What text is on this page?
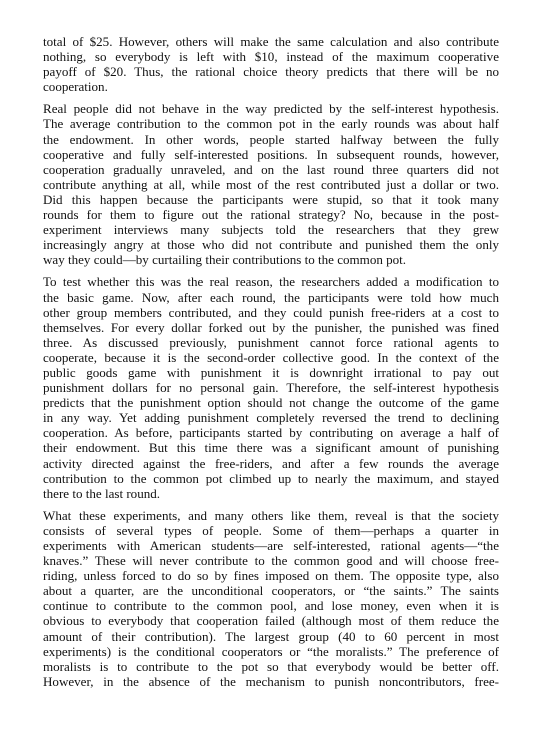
total of $25. However, others will make the same calculation and also contribute
nothing, so everybody is left with $10, instead of the maximum cooperative
payoff of $20. Thus, the rational choice theory predicts that there will be no
cooperation.
Real people did not behave in the way predicted by the self-interest hypothesis.
The average contribution to the common pot in the early rounds was about half
the endowment. In other words, people started halfway between the fully
cooperative and fully self-interested positions. In subsequent rounds, however,
cooperation gradually unraveled, and on the last round three quarters did not
contribute anything at all, while most of the rest contributed just a dollar or two.
Did this happen because the participants were stupid, so that it took many
rounds for them to figure out the rational strategy? No, because in the post-
experiment interviews many subjects told the researchers that they grew
increasingly angry at those who did not contribute and punished them the only
way they could—by curtailing their contributions to the common pot.
To test whether this was the real reason, the researchers added a modification to
the basic game. Now, after each round, the participants were told how much
other group members contributed, and they could punish free-riders at a cost to
themselves. For every dollar forked out by the punisher, the punished was fined
three. As discussed previously, punishment cannot force rational agents to
cooperate, because it is the second-order collective good. In the context of the
public goods game with punishment it is downright irrational to pay out
punishment dollars for no personal gain. Therefore, the self-interest hypothesis
predicts that the punishment option should not change the outcome of the game
in any way. Yet adding punishment completely reversed the trend to declining
cooperation. As before, participants started by contributing on average a half of
their endowment. But this time there was a significant amount of punishing
activity directed against the free-riders, and after a few rounds the average
contribution to the common pot climbed up to nearly the maximum, and stayed
there to the last round.
What these experiments, and many others like them, reveal is that the society
consists of several types of people. Some of them—perhaps a quarter in
experiments with American students—are self-interested, rational agents—“the
knaves.” These will never contribute to the common good and will choose free-
riding, unless forced to do so by fines imposed on them. The opposite type, also
about a quarter, are the unconditional cooperators, or “the saints.” The saints
continue to contribute to the common pool, and lose money, even when it is
obvious to everybody that cooperation failed (although most of them reduce the
amount of their contribution). The largest group (40 to 60 percent in most
experiments) is the conditional cooperators or “the moralists.” The preference of
moralists is to contribute to the pot so that everybody would be better off.
However, in the absence of the mechanism to punish noncontributors, free-
